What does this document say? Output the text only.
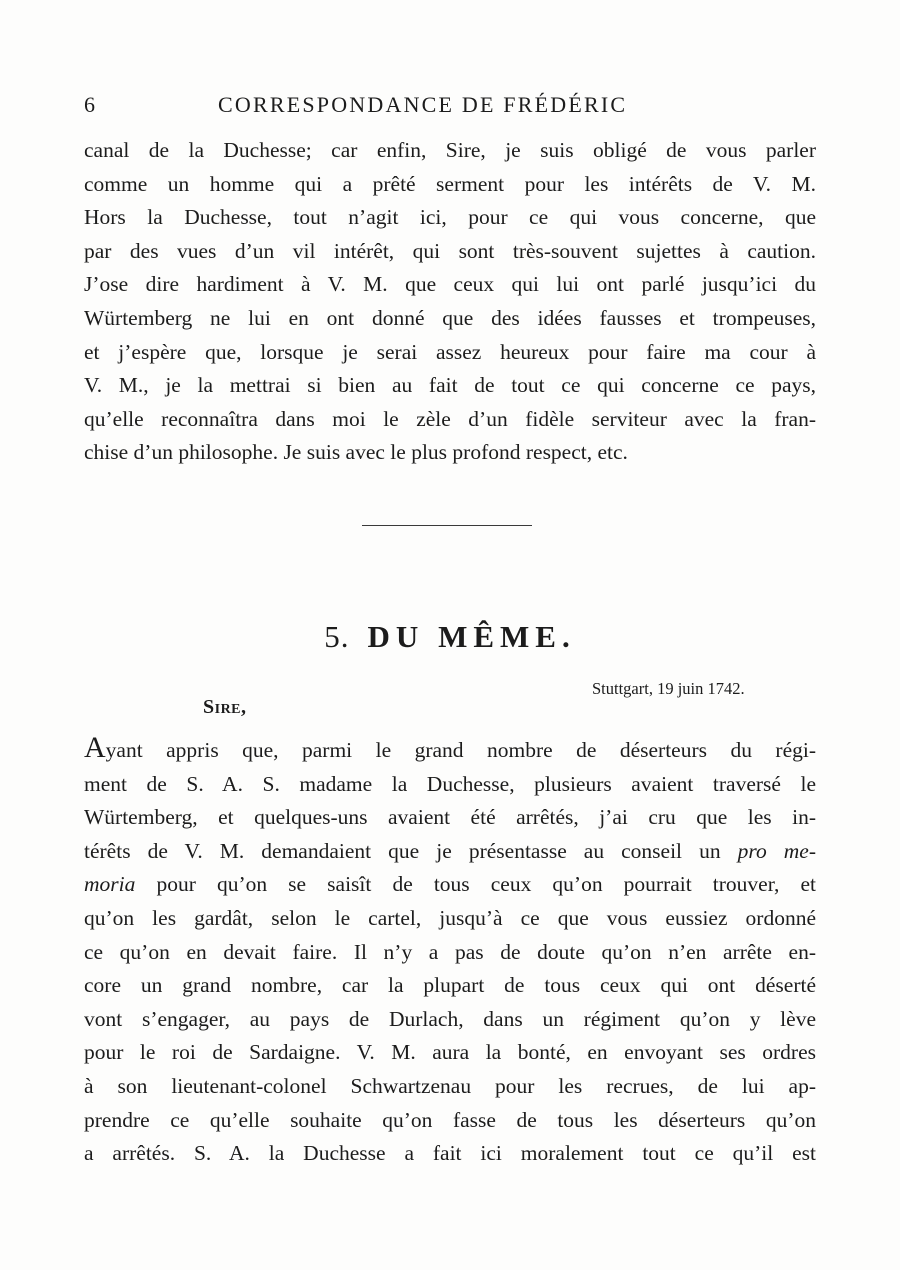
6	CORRESPONDANCE DE FRÉDÉRIC
canal de la Duchesse; car enfin, Sire, je suis obligé de vous parler
comme un homme qui a prêté serment pour les intérêts de V. M.
Hors la Duchesse, tout n’agit ici, pour ce qui vous concerne, que
par des vues d’un vil intérêt, qui sont très-souvent sujettes à caution.
J’ose dire hardiment à V. M. que ceux qui lui ont parlé jusqu’ici du
Würtemberg ne lui en ont donné que des idées fausses et trompeuses,
et j’espère que, lorsque je serai assez heureux pour faire ma cour à
V. M., je la mettrai si bien au fait de tout ce qui concerne ce pays,
qu’elle reconnaîtra dans moi le zèle d’un fidèle serviteur avec la fran-
chise d’un philosophe. Je suis avec le plus profond respect, etc.
5. DU MÊME.
Stuttgart, 19 juin 1742.
Sire,
Ayant appris que, parmi le grand nombre de déserteurs du régi-
ment de S. A. S. madame la Duchesse, plusieurs avaient traversé le
Würtemberg, et quelques-uns avaient été arrêtés, j’ai cru que les in-
térêts de V. M. demandaient que je présentasse au conseil un pro me-
moria pour qu’on se saisît de tous ceux qu’on pourrait trouver, et
qu’on les gardât, selon le cartel, jusqu’à ce que vous eussiez ordonné
ce qu’on en devait faire. Il n’y a pas de doute qu’on n’en arrête en-
core un grand nombre, car la plupart de tous ceux qui ont déserté
vont s’engager, au pays de Durlach, dans un régiment qu’on y lève
pour le roi de Sardaigne. V. M. aura la bonté, en envoyant ses ordres
à son lieutenant-colonel Schwartzenau pour les recrues, de lui ap-
prendre ce qu’elle souhaite qu’on fasse de tous les déserteurs qu’on
a arrêtés. S. A. la Duchesse a fait ici moralement tout ce qu’il est
